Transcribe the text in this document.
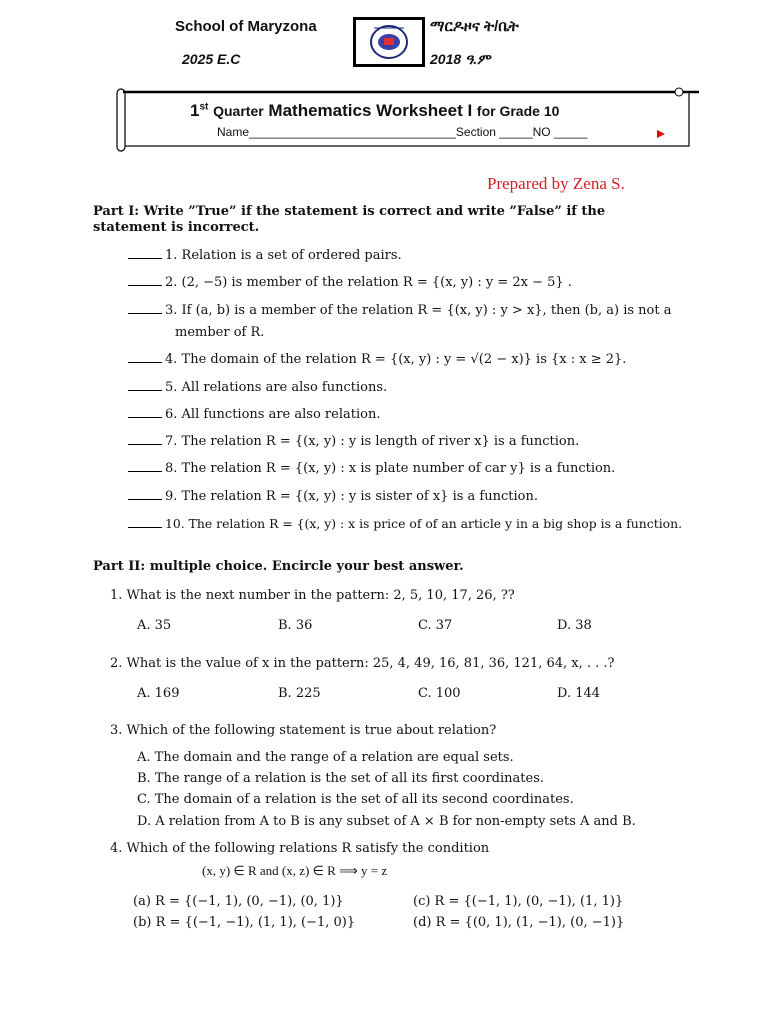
School of Maryzona
2025 E.C
ማርዶዞና ት/ቤት
2018 ዓ.ም
1st Quarter Mathematics Worksheet I for Grade 10
Name_______________________________Section _____NO _____
Prepared by Zena S.
Part I: Write ”True” if the statement is correct and write ”False” if the statement is incorrect.
1. Relation is a set of ordered pairs.
2. (2, −5) is member of the relation R = {(x, y) : y = 2x − 5} .
3. If (a, b) is a member of the relation R = {(x, y) : y > x}, then (b, a) is not a
member of R.
4. The domain of the relation R = {(x, y) : y = √(2 − x)} is {x : x ≥ 2}.
5. All relations are also functions.
6. All functions are also relation.
7. The relation R = {(x, y) : y is length of river x} is a function.
8. The relation R = {(x, y) : x is plate number of car y} is a function.
9. The relation R = {(x, y) : y is sister of x} is a function.
10. The relation R = {(x, y) : x is price of of an article y in a big shop is a function.
Part II: multiple choice. Encircle your best answer.
1. What is the next number in the pattern: 2, 5, 10, 17, 26, ??
A. 35	B. 36	C. 37	D. 38
2. What is the value of x in the pattern: 25, 4, 49, 16, 81, 36, 121, 64, x, . . .?
A. 169	B. 225	C. 100	D. 144
3. Which of the following statement is true about relation?
A. The domain and the range of a relation are equal sets.
B. The range of a relation is the set of all its first coordinates.
C. The domain of a relation is the set of all its second coordinates.
D. A relation from A to B is any subset of A × B for non-empty sets A and B.
4. Which of the following relations R satisfy the condition
(x, y) ∈ R and (x, z) ∈ R ⟹ y = z
(a) R = {(−1, 1), (0, −1), (0, 1)}	(c) R = {(−1, 1), (0, −1), (1, 1)}
(b) R = {(−1, −1), (1, 1), (−1, 0)}	(d) R = {(0, 1), (1, −1), (0, −1)}
